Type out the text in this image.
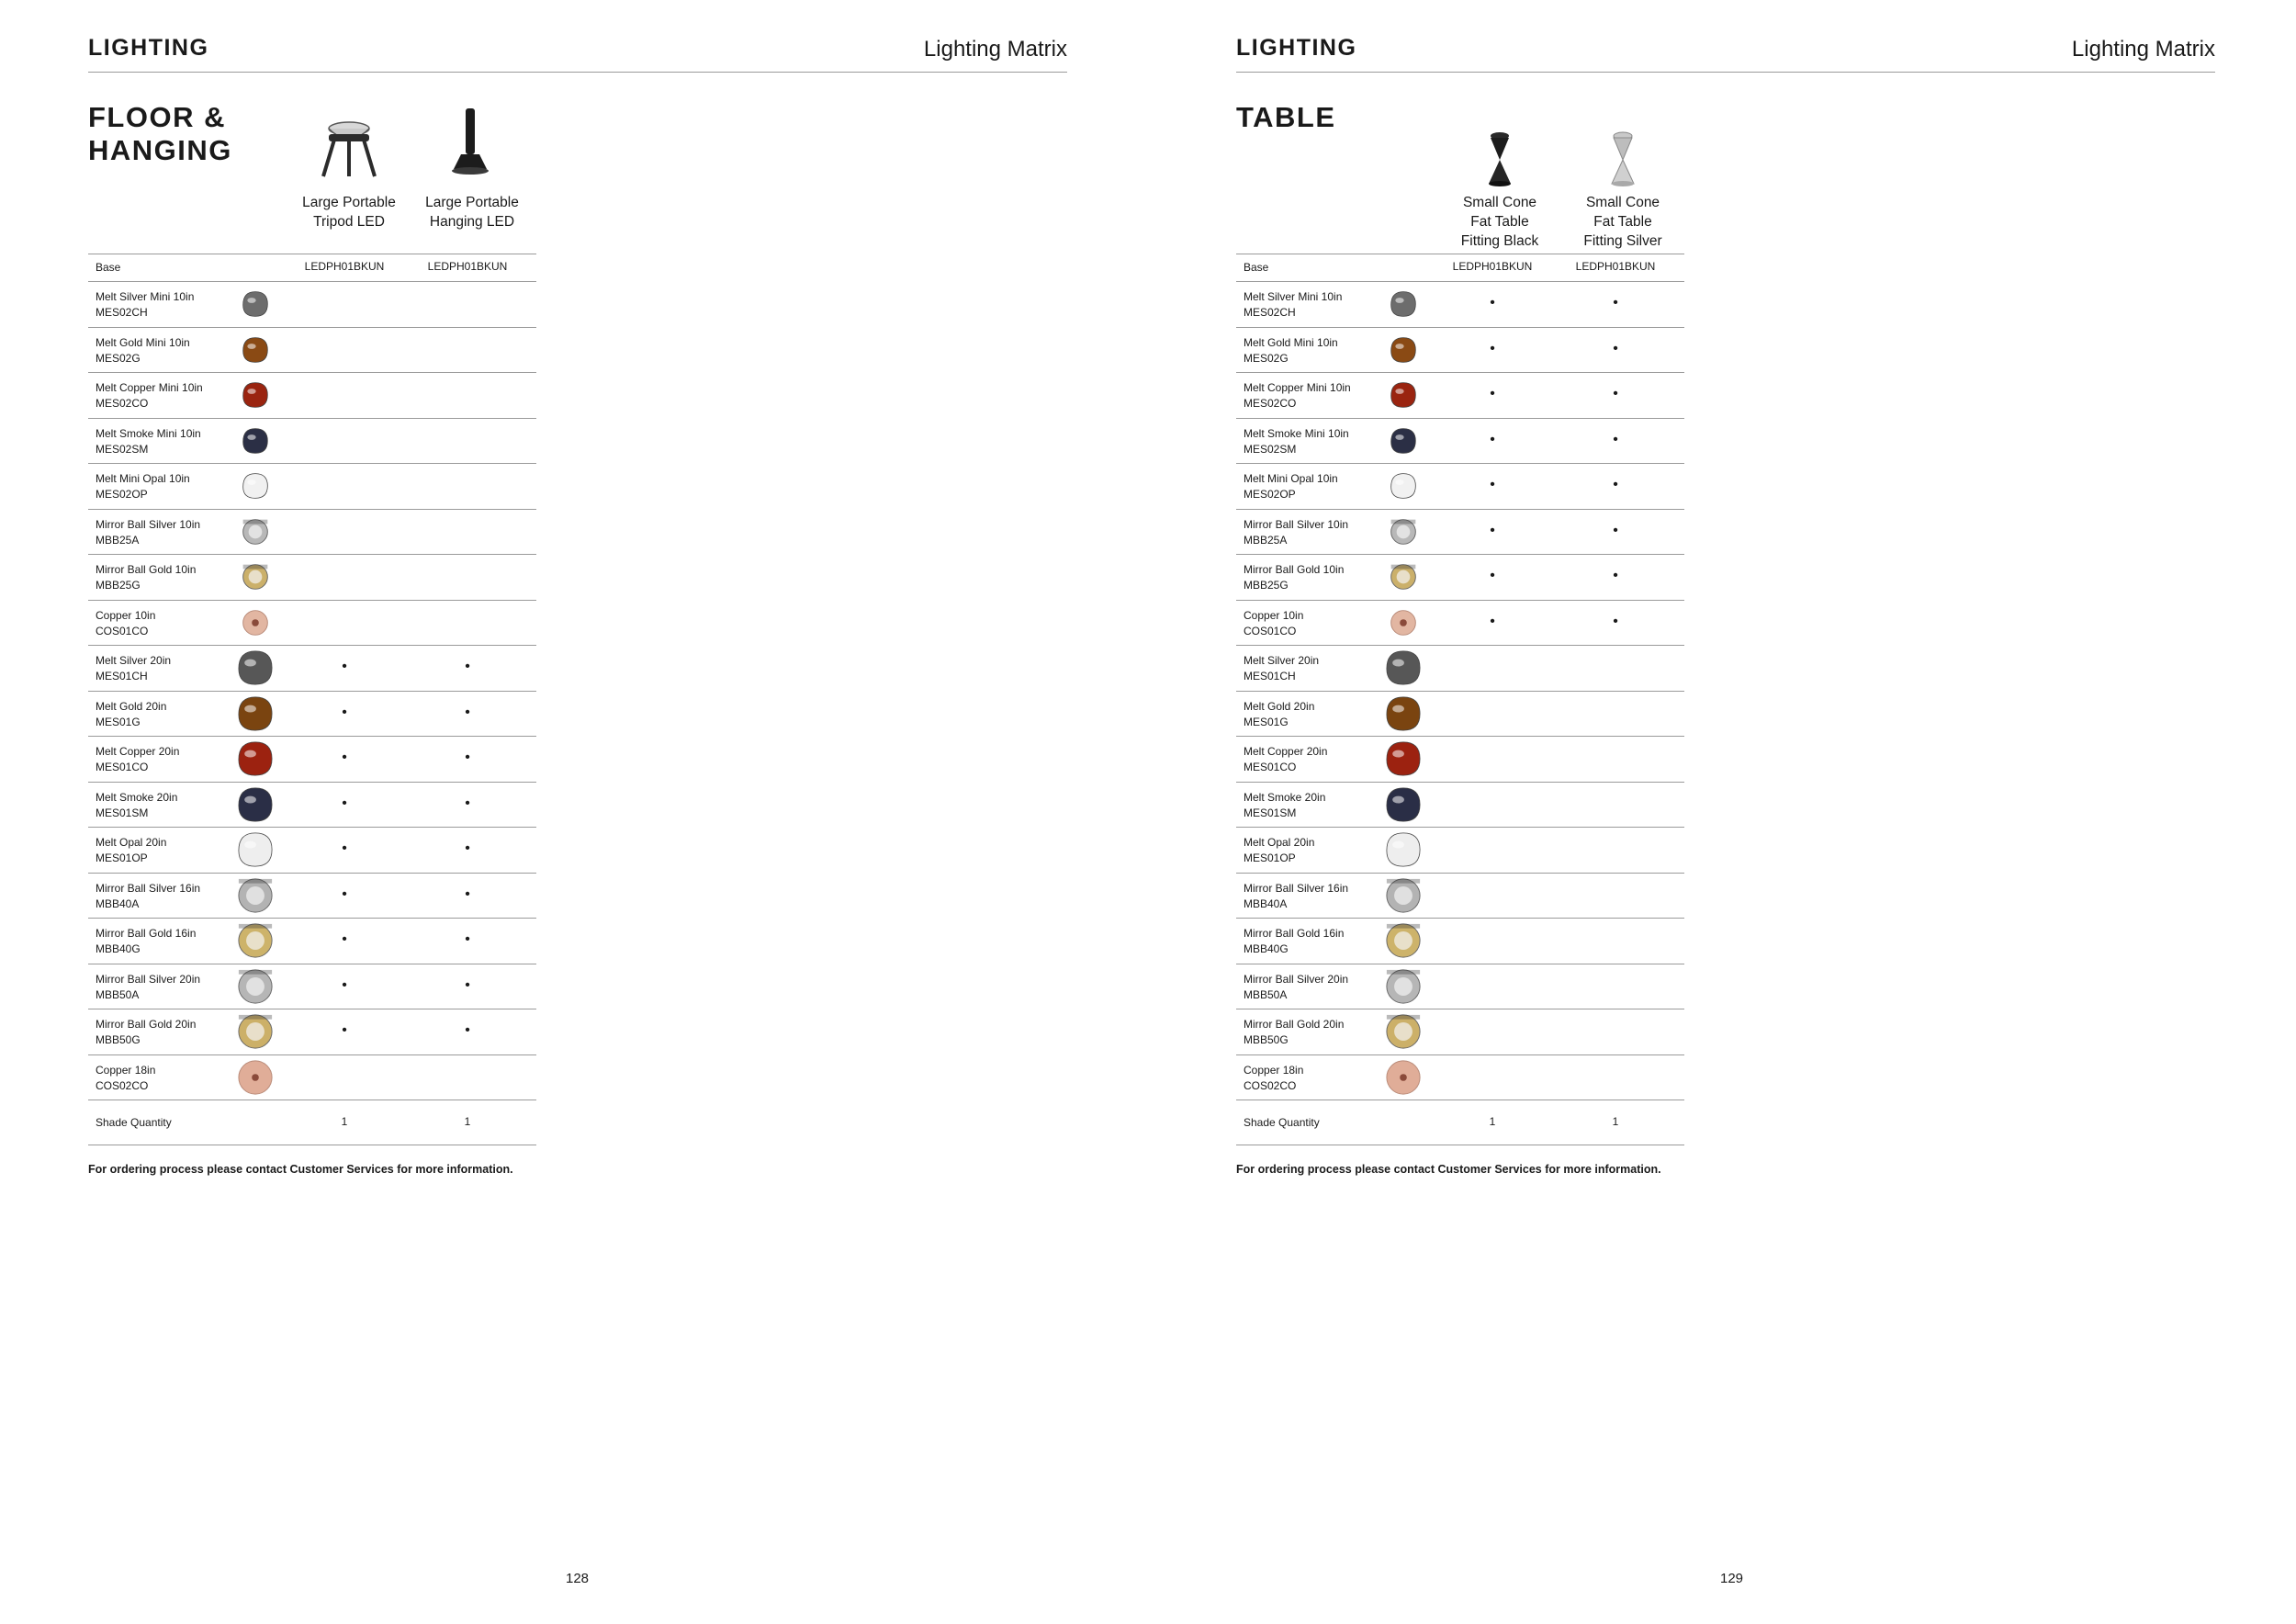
LIGHTING	Lighting Matrix
FLOOR &
HANGING
Large Portable
Tripod LED
Large Portable
Hanging LED
Base	LEDPH01BKUN	LEDPH01BKUN
Melt Silver Mini 10in
MES02CH
Melt Gold Mini 10in
MES02G
Melt Copper Mini 10in
MES02CO
Melt Smoke Mini 10in
MES02SM
Melt Mini Opal 10in
MES02OP
Mirror Ball Silver 10in
MBB25A
Mirror Ball Gold 10in
MBB25G
Copper 10in
COS01CO
Melt Silver 20in
MES01CH
•	•
Melt Gold 20in
MES01G
•	•
Melt Copper 20in
MES01CO
•	•
Melt Smoke 20in
MES01SM
•	•
Melt Opal 20in
MES01OP
•	•
Mirror Ball Silver 16in
MBB40A
•	•
Mirror Ball Gold 16in
MBB40G
•	•
Mirror Ball Silver 20in
MBB50A
•	•
Mirror Ball Gold 20in
MBB50G
•	•
Copper 18in
COS02CO
Shade Quantity	1	1
For ordering process please contact Customer Services for more information.
128
LIGHTING	Lighting Matrix
TABLE
Small Cone
Fat Table
Fitting Black
Small Cone
Fat Table
Fitting Silver
Base	LEDPH01BKUN	LEDPH01BKUN
Melt Silver Mini 10in
MES02CH
•	•
Melt Gold Mini 10in
MES02G
•	•
Melt Copper Mini 10in
MES02CO
•	•
Melt Smoke Mini 10in
MES02SM
•	•
Melt Mini Opal 10in
MES02OP
•	•
Mirror Ball Silver 10in
MBB25A
•	•
Mirror Ball Gold 10in
MBB25G
•	•
Copper 10in
COS01CO
•	•
Melt Silver 20in
MES01CH
Melt Gold 20in
MES01G
Melt Copper 20in
MES01CO
Melt Smoke 20in
MES01SM
Melt Opal 20in
MES01OP
Mirror Ball Silver 16in
MBB40A
Mirror Ball Gold 16in
MBB40G
Mirror Ball Silver 20in
MBB50A
Mirror Ball Gold 20in
MBB50G
Copper 18in
COS02CO
Shade Quantity	1	1
For ordering process please contact Customer Services for more information.
129
